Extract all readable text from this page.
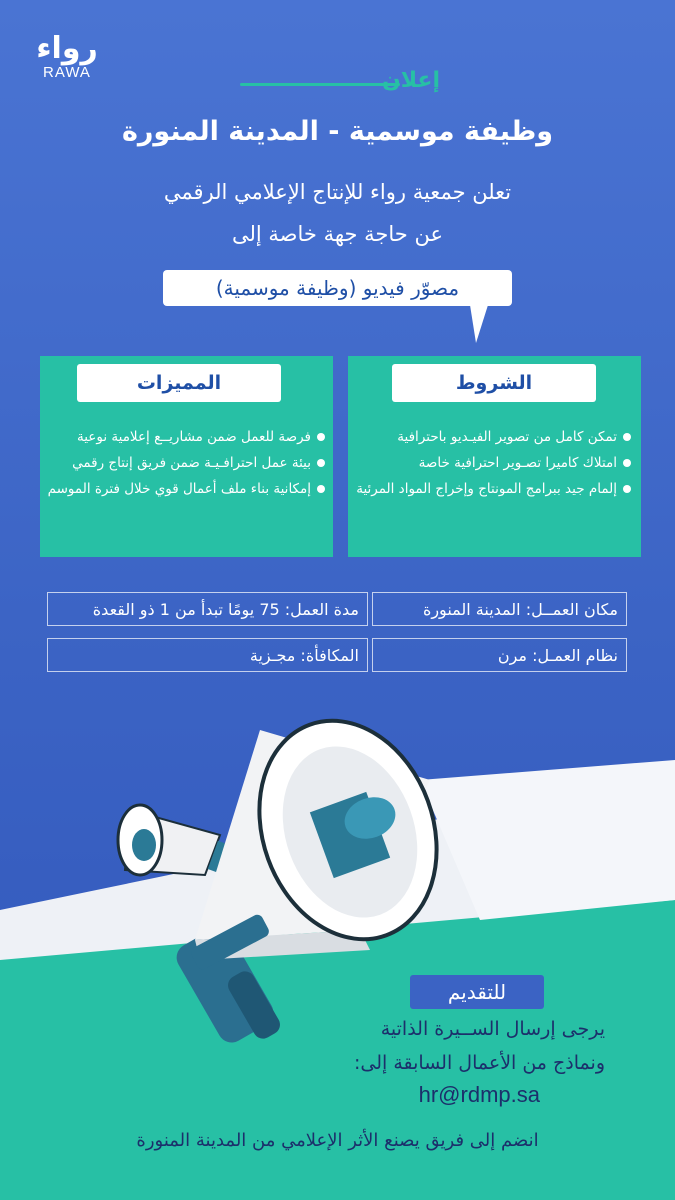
رواء
RAWA	إعلان
وظيفة موسمية - المدينة المنورة
تعلن جمعية رواء للإنتاج الإعلامي الرقمي
عن حاجة جهة خاصة إلى
مصوّر فيديو (وظيفة موسمية)
الشروط
تمكن كامل من تصوير الفيـديو باحترافية
امتلاك كاميرا تصـوير احترافية خاصة
إلمام جيد ببرامج المونتاج وإخراج المواد المرئية
المميزات
فرصة للعمل ضمن مشاريــع إعلامية نوعية
بيئة عمل احترافـيـة ضمن فريق إنتاج رقمي
إمكانية بناء ملف أعمال قوي خلال فترة الموسم
مكان العمــل: المدينة المنورة
مدة العمل: 75 يومًا تبدأ من 1 ذو القعدة
نظام العمـل: مرن
المكافأة: مجـزية
للتقديم
يرجى إرسال الســيرة الذاتية
ونماذج من الأعمال السابقة إلى:
hr@rdmp.sa
انضم إلى فريق يصنع الأثر الإعلامي من المدينة المنورة
